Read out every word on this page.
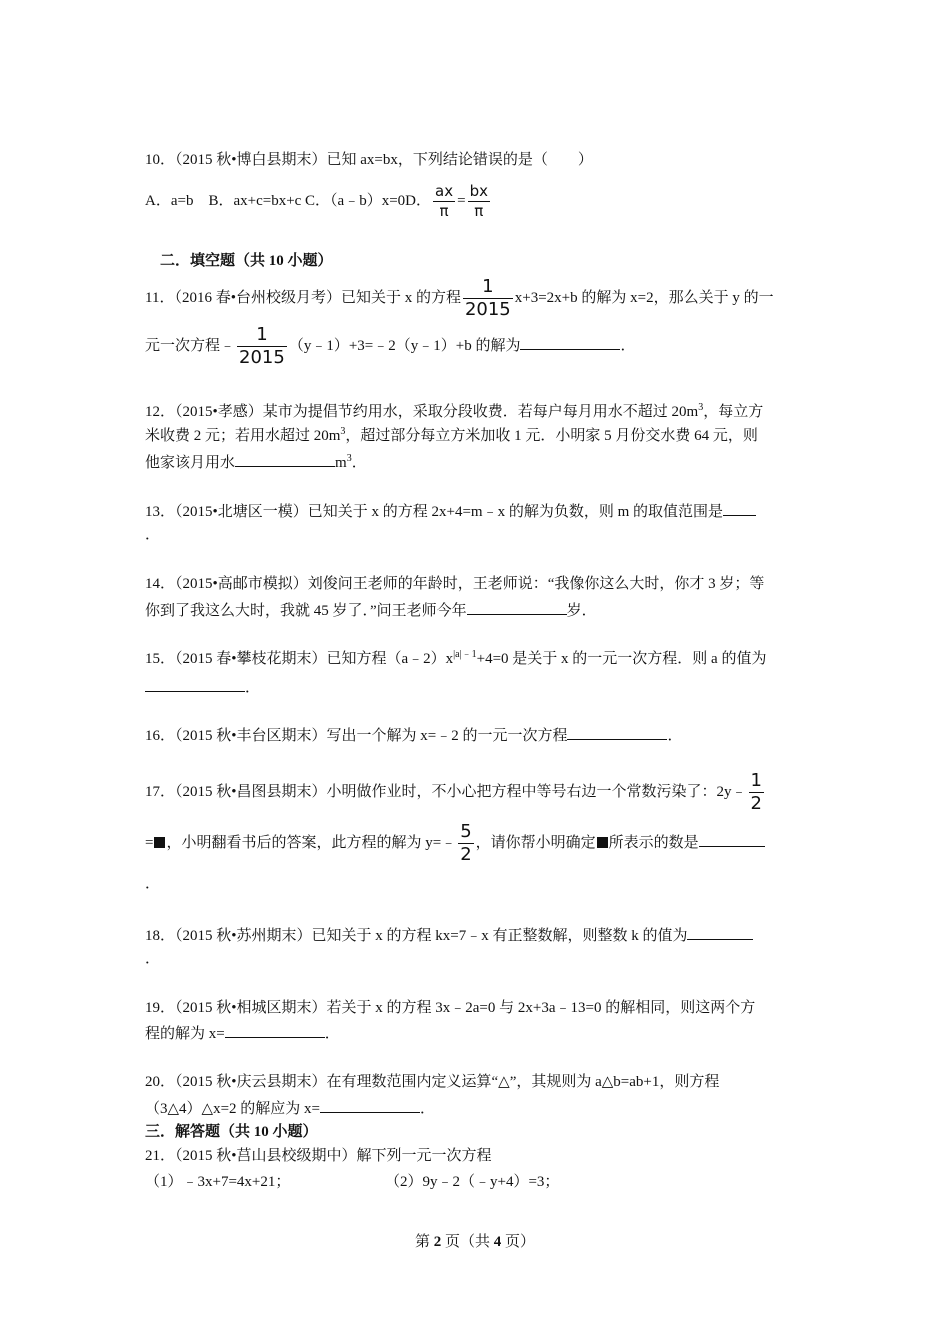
10．（2015 秋•博白县期末）已知 ax=bx，下列结论错误的是（　　）
A．a=b　B．ax+c=bx+c C．（a﹣b）x=0D． $\frac{ax}{\pi} = \frac{bx}{\pi}$
二．填空题（共 10 小题）
11．（2016 春•台州校级月考）已知关于 x 的方程 $\frac{1}{2015} x+3=2x+b$ 的解为 x=2，那么关于 y 的一
元一次方程﹣ $\frac{1}{2015}$ （y﹣1）+3=﹣2（y﹣1）+b 的解为	．
12．（2015•孝感）某市为提倡节约用水，采取分段收费．若每户每月用水不超过 $20m^3$，每立方
米收费 2 元；若用水超过 $20m^3$，超过部分每立方米加收 1 元．小明家 5 月份交水费 64 元，则
他家该月用水	$m^3$．
13．（2015•北塘区一模）已知关于 x 的方程 2x+4=m﹣x 的解为负数，则 m 的取值范围是
．
14．（2015•高邮市模拟）刘俊问王老师的年龄时，王老师说：“我像你这么大时，你才 3 岁；等
你到了我这么大时，我就 45 岁了．”问王老师今年	岁．
15．（2015 春•攀枝花期末）已知方程$(a﹣2)x^{|a|﹣1}+4=0$ 是关于 x 的一元一次方程．则 a 的值为
．
16．（2015 秋•丰台区期末）写出一个解为 x=﹣2 的一元一次方程	．
17．（2015 秋•昌图县期末）小明做作业时，不小心把方程中等号右边一个常数污染了：2y﹣ $\frac{1}{2}$
= ，小明翻看书后的答案，此方程的解为 y=﹣ $\frac{5}{2}$ ，请你帮小明确定 所表示的数是
．
18．（2015 秋•苏州期末）已知关于 x 的方程 kx=7﹣x 有正整数解，则整数 k 的值为
．
19．（2015 秋•相城区期末）若关于 x 的方程 3x﹣2a=0 与 2x+3a﹣13=0 的解相同，则这两个方
程的解为 x=	．
20．（2015 秋•庆云县期末）在有理数范围内定义运算“△”，其规则为 a△b=ab+1，则方程
（3△4）△x=2 的解应为 x=	．
三．解答题（共 10 小题）
21．（2015 秋•莒山县校级期中）解下列一元一次方程
（1）﹣3x+7=4x+21；	（2）9y﹣2（﹣y+4）=3；
第 2 页（共 4 页）
